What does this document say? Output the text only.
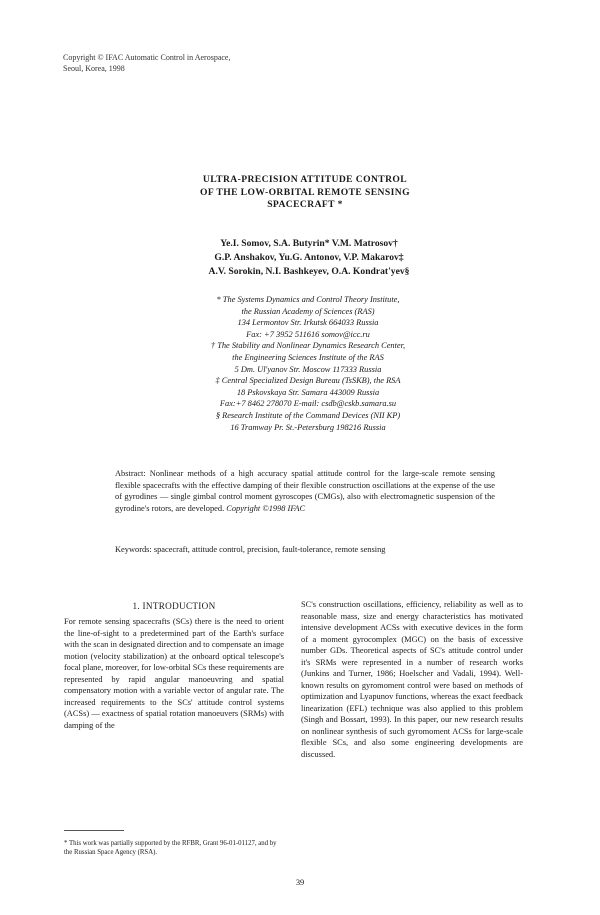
Copyright © IFAC Automatic Control in Aerospace,
Seoul, Korea, 1998
ULTRA-PRECISION ATTITUDE CONTROL
OF THE LOW-ORBITAL REMOTE SENSING
SPACECRAFT *
Ye.I. Somov, S.A. Butyrin* V.M. Matrosov†
G.P. Anshakov, Yu.G. Antonov, V.P. Makarov‡
A.V. Sorokin, N.I. Bashkeyev, O.A. Kondrat'yev§
* The Systems Dynamics and Control Theory Institute,
the Russian Academy of Sciences (RAS)
134 Lermontov Str. Irkutsk 664033 Russia
Fax: +7 3952 511616 somov@icc.ru
† The Stability and Nonlinear Dynamics Research Center,
the Engineering Sciences Institute of the RAS
5 Dm. Ul'yanov Str. Moscow 117333 Russia
‡ Central Specialized Design Bureau (TsSKB), the RSA
18 Pskovskaya Str. Samara 443009 Russia
Fax:+7 8462 278070 E-mail: csdb@cskb.samara.su
§ Research Institute of the Command Devices (NII KP)
16 Tramway Pr. St.-Petersburg 198216 Russia
Abstract: Nonlinear methods of a high accuracy spatial attitude control for the large-scale remote sensing flexible spacecrafts with the effective damping of their flexible construction oscillations at the expense of the use of gyrodines — single gimbal control moment gyroscopes (CMGs), also with electromagnetic suspension of the gyrodine's rotors, are developed. Copyright ©1998 IFAC
Keywords: spacecraft, attitude control, precision, fault-tolerance, remote sensing
1. INTRODUCTION
For remote sensing spacecrafts (SCs) there is the need to orient the line-of-sight to a predetermined part of the Earth's surface with the scan in designated direction and to compensate an image motion (velocity stabilization) at the onboard optical telescope's focal plane, moreover, for low-orbital SCs these requirements are represented by rapid angular manoeuvring and spatial compensatory motion with a variable vector of angular rate. The increased requirements to the SCs' attitude control systems (ACSs) — exactness of spatial rotation manoeuvers (SRMs) with damping of the
SC's construction oscillations, efficiency, reliability as well as to reasonable mass, size and energy characteristics has motivated intensive development ACSs with executive devices in the form of a moment gyrocomplex (MGC) on the basis of excessive number GDs. Theoretical aspects of SC's attitude control under it's SRMs were represented in a number of research works (Junkins and Turner, 1986; Hoelscher and Vadali, 1994). Well-known results on gyromoment control were based on methods of optimization and Lyapunov functions, whereas the exact feedback linearization (EFL) technique was also applied to this problem (Singh and Bossart, 1993). In this paper, our new research results on nonlinear synthesis of such gyromoment ACSs for large-scale flexible SCs, and also some engineering developments are discussed.
* This work was partially supported by the RFBR, Grant 96-01-01127, and by the Russian Space Agency (RSA).
39
